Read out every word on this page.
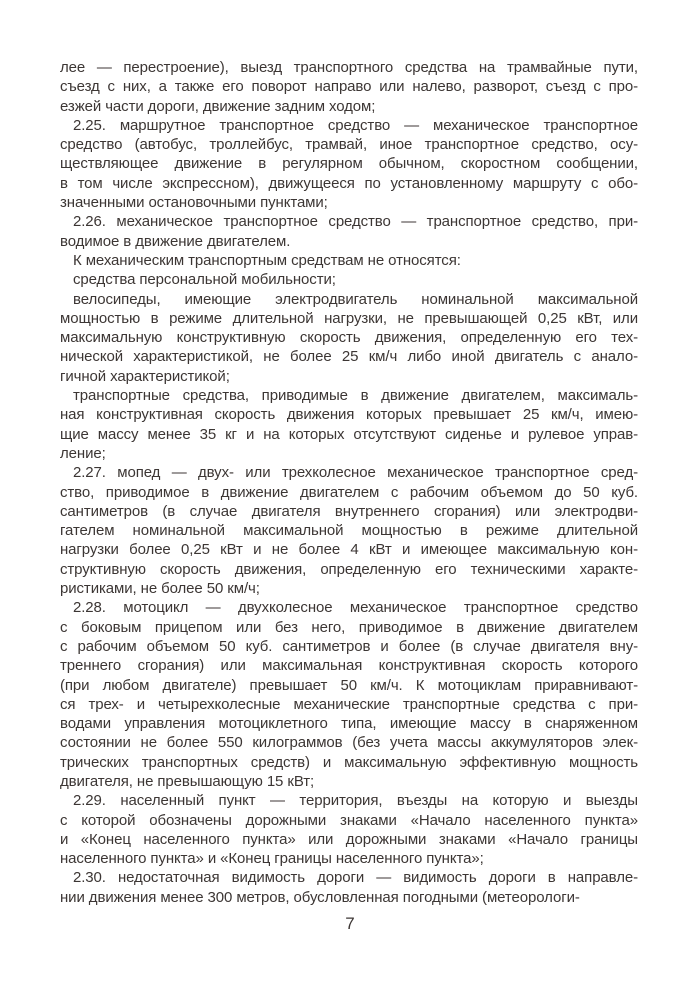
лее — перестроение), выезд транспортного средства на трамвайные пути,
съезд с них, а также его поворот направо или налево, разворот, съезд с про-
езжей части дороги, движение задним ходом;
2.25. маршрутное транспортное средство — механическое транспортное
средство (автобус, троллейбус, трамвай, иное транспортное средство, осу-
ществляющее движение в регулярном обычном, скоростном сообщении,
в том числе экспрессном), движущееся по установленному маршруту с обо-
значенными остановочными пунктами;
2.26. механическое транспортное средство — транспортное средство, при-
водимое в движение двигателем.
К механическим транспортным средствам не относятся:
средства персональной мобильности;
велосипеды, имеющие электродвигатель номинальной максимальной
мощностью в режиме длительной нагрузки, не превышающей 0,25 кВт, или
максимальную конструктивную скорость движения, определенную его тех-
нической характеристикой, не более 25 км/ч либо иной двигатель с анало-
гичной характеристикой;
транспортные средства, приводимые в движение двигателем, максималь-
ная конструктивная скорость движения которых превышает 25 км/ч, имею-
щие массу менее 35 кг и на которых отсутствуют сиденье и рулевое управ-
ление;
2.27. мопед — двух- или трехколесное механическое транспортное сред-
ство, приводимое в движение двигателем с рабочим объемом до 50 куб.
сантиметров (в случае двигателя внутреннего сгорания) или электродви-
гателем номинальной максимальной мощностью в режиме длительной
нагрузки более 0,25 кВт и не более 4 кВт и имеющее максимальную кон-
структивную скорость движения, определенную его техническими характе-
ристиками, не более 50 км/ч;
2.28. мотоцикл — двухколесное механическое транспортное средство
с боковым прицепом или без него, приводимое в движение двигателем
с рабочим объемом 50 куб. сантиметров и более (в случае двигателя вну-
треннего сгорания) или максимальная конструктивная скорость которого
(при любом двигателе) превышает 50 км/ч. К мотоциклам приравнивают-
ся трех- и четырехколесные механические транспортные средства с при-
водами управления мотоциклетного типа, имеющие массу в снаряженном
состоянии не более 550 килограммов (без учета массы аккумуляторов элек-
трических транспортных средств) и максимальную эффективную мощность
двигателя, не превышающую 15 кВт;
2.29. населенный пункт — территория, въезды на которую и выезды
с которой обозначены дорожными знаками «Начало населенного пункта»
и «Конец населенного пункта» или дорожными знаками «Начало границы
населенного пункта» и «Конец границы населенного пункта»;
2.30. недостаточная видимость дороги — видимость дороги в направле-
нии движения менее 300 метров, обусловленная погодными (метеорологи-
7
